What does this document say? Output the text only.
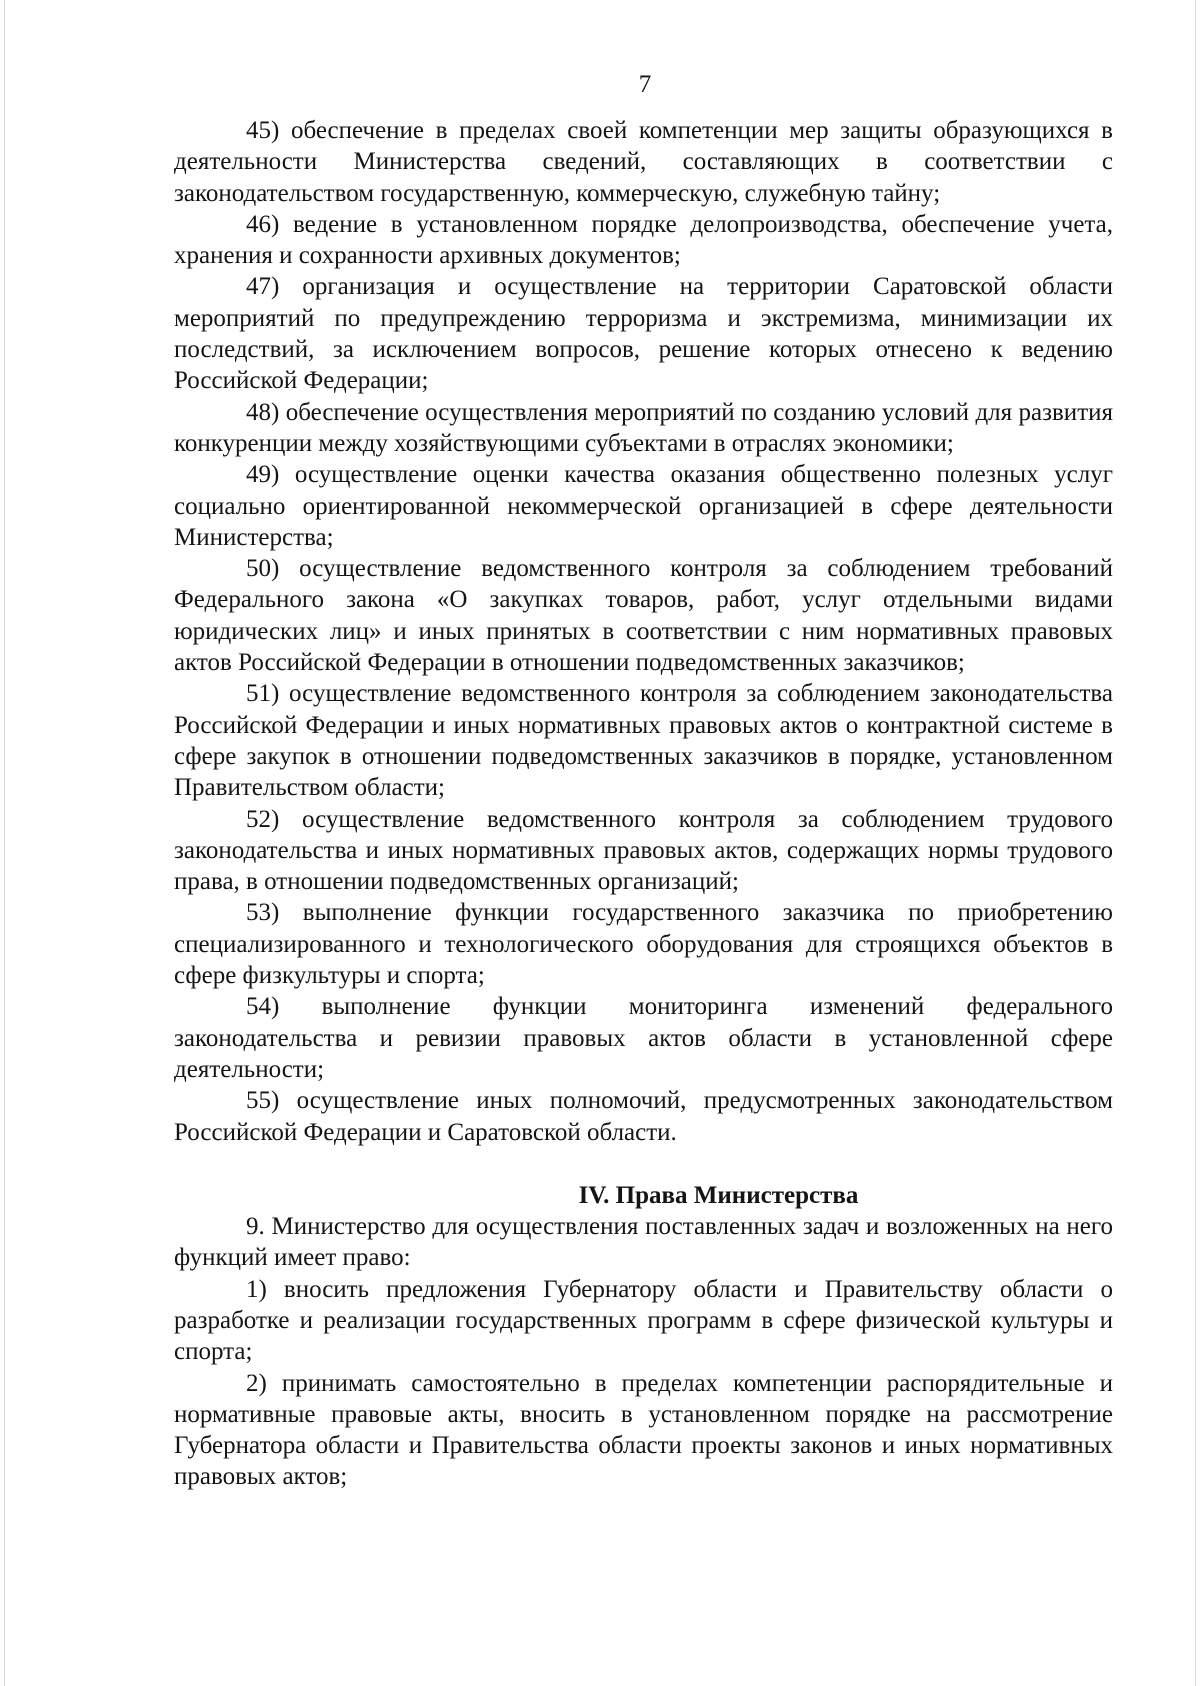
7

45) обеспечение в пределах своей компетенции мер защиты образующихся в деятельности Министерства сведений, составляющих в соответствии с законодательством государственную, коммерческую, служебную тайну;

46) ведение в установленном порядке делопроизводства, обеспечение учета, хранения и сохранности архивных документов;

47) организация и осуществление на территории Саратовской области мероприятий по предупреждению терроризма и экстремизма, минимизации их последствий, за исключением вопросов, решение которых отнесено к ведению Российской Федерации;

48) обеспечение осуществления мероприятий по созданию условий для развития конкуренции между хозяйствующими субъектами в отраслях экономики;

49) осуществление оценки качества оказания общественно полезных услуг социально ориентированной некоммерческой организацией в сфере деятельности Министерства;

50) осуществление ведомственного контроля за соблюдением требований Федерального закона «О закупках товаров, работ, услуг отдельными видами юридических лиц» и иных принятых в соответствии с ним нормативных правовых актов Российской Федерации в отношении подведомственных заказчиков;

51) осуществление ведомственного контроля за соблюдением законодательства Российской Федерации и иных нормативных правовых актов о контрактной системе в сфере закупок в отношении подведомственных заказчиков в порядке, установленном Правительством области;

52) осуществление ведомственного контроля за соблюдением трудового законодательства и иных нормативных правовых актов, содержащих нормы трудового права, в отношении подведомственных организаций;

53) выполнение функции государственного заказчика по приобретению специализированного и технологического оборудования для строящихся объектов в сфере физкультуры и спорта;

54) выполнение функции мониторинга изменений федерального законодательства и ревизии правовых актов области в установленной сфере деятельности;

55) осуществление иных полномочий, предусмотренных законодательством Российской Федерации и Саратовской области.

IV. Права Министерства

9. Министерство для осуществления поставленных задач и возложенных на него функций имеет право:

1) вносить предложения Губернатору области и Правительству области о разработке и реализации государственных программ в сфере физической культуры и спорта;

2) принимать самостоятельно в пределах компетенции распорядительные и нормативные правовые акты, вносить в установленном порядке на рассмотрение Губернатора области и Правительства области проекты законов и иных нормативных правовых актов;
